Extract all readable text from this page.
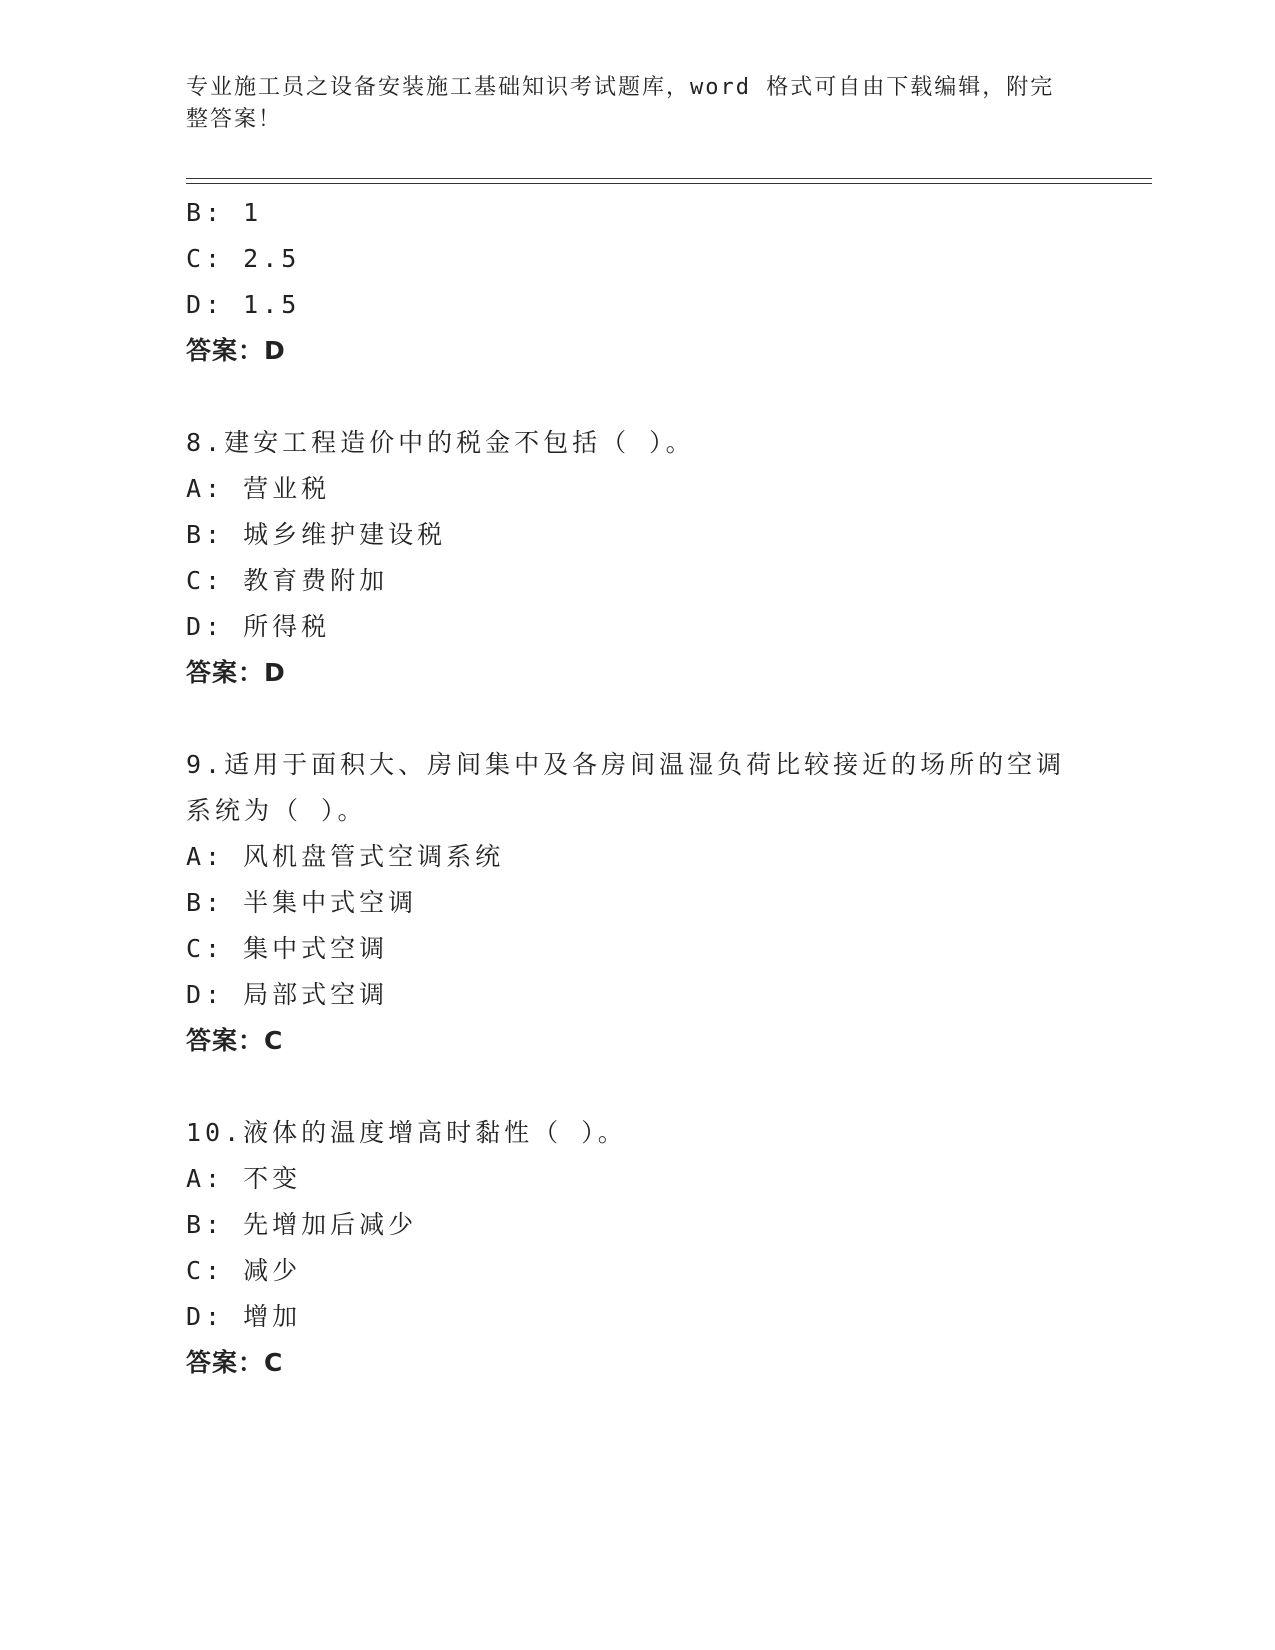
专业施工员之设备安装施工基础知识考试题库，word 格式可自由下载编辑，附完
整答案！
B: 1
C: 2.5
D: 1.5
答案：D
8.建安工程造价中的税金不包括（ ）。
A: 营业税
B: 城乡维护建设税
C: 教育费附加
D: 所得税
答案：D
9.适用于面积大、房间集中及各房间温湿负荷比较接近的场所的空调
系统为（ ）。
A: 风机盘管式空调系统
B: 半集中式空调
C: 集中式空调
D: 局部式空调
答案：C
10.液体的温度增高时黏性（ ）。
A: 不变
B: 先增加后减少
C: 减少
D: 增加
答案：C
